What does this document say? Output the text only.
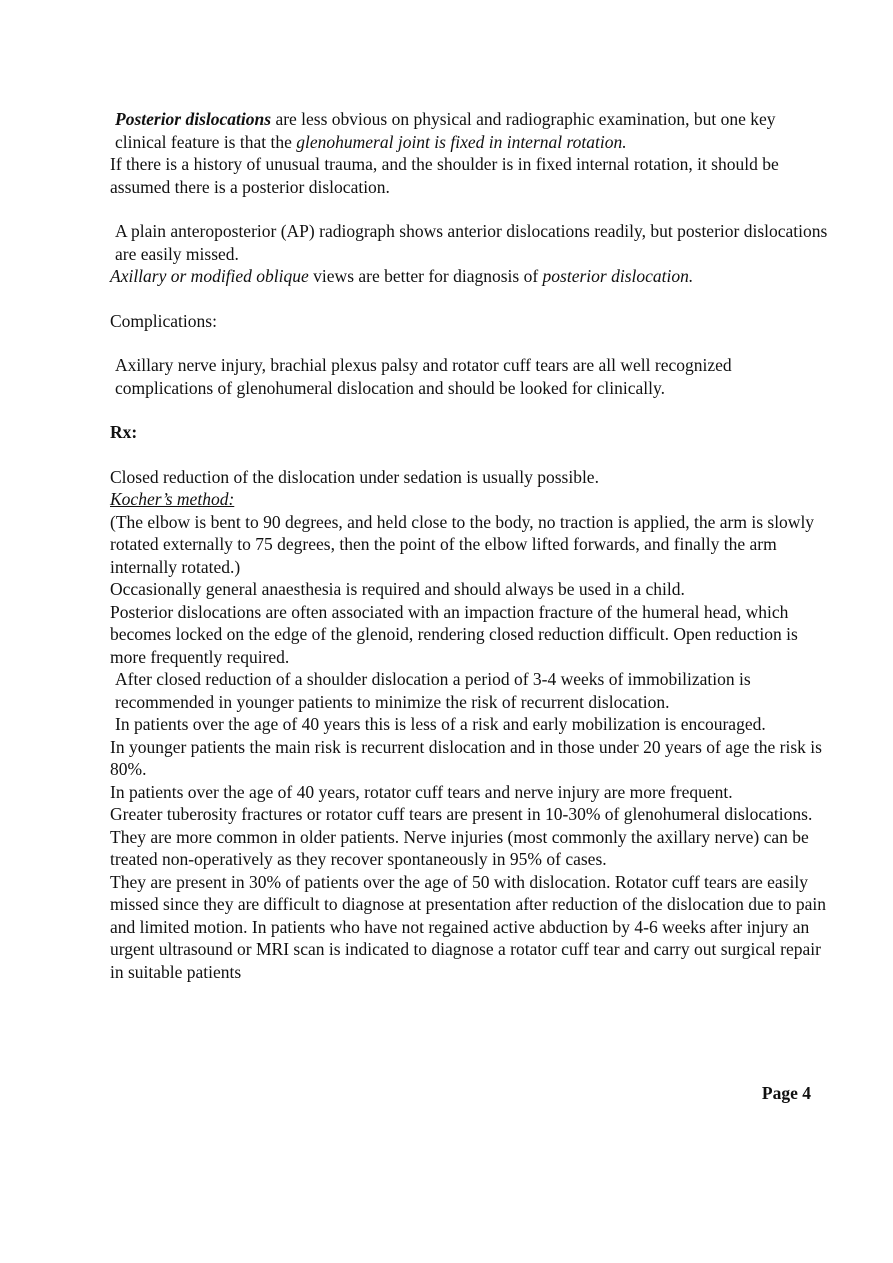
Posterior dislocations are less obvious on physical and radiographic examination, but one key clinical feature is that the glenohumeral joint is fixed in internal rotation.

If there is a history of unusual trauma, and the shoulder is in fixed internal rotation, it should be assumed there is a posterior dislocation.

A plain anteroposterior (AP) radiograph shows anterior dislocations readily, but posterior dislocations are easily missed.

Axillary or modified oblique views are better for diagnosis of posterior dislocation.

Complications:

Axillary nerve injury, brachial plexus palsy and rotator cuff tears are all well recognized complications of glenohumeral dislocation and should be looked for clinically.

Rx:

Closed reduction of the dislocation under sedation is usually possible.

Kocher’s method:

(The elbow is bent to 90 degrees, and held close to the body, no traction is applied, the arm is slowly rotated externally to 75 degrees, then the point of the elbow lifted forwards, and finally the arm internally rotated.)

Occasionally general anaesthesia is required and should always be used in a child.

Posterior dislocations are often associated with an impaction fracture of the humeral head, which becomes locked on the edge of the glenoid, rendering closed reduction difficult. Open reduction is more frequently required.

After closed reduction of a shoulder dislocation a period of 3-4 weeks of immobilization is recommended in younger patients to minimize the risk of recurrent dislocation.

In patients over the age of 40 years this is less of a risk and early mobilization is encouraged.

In younger patients the main risk is recurrent dislocation and in those under 20 years of age the risk is 80%.

In patients over the age of 40 years, rotator cuff tears and nerve injury are more frequent.

Greater tuberosity fractures or rotator cuff tears are present in 10-30% of glenohumeral dislocations.

They are more common in older patients. Nerve injuries (most commonly the axillary nerve) can be treated non-operatively as they recover spontaneously in 95% of cases.

They are present in 30% of patients over the age of 50 with dislocation. Rotator cuff tears are easily missed since they are difficult to diagnose at presentation after reduction of the dislocation due to pain and limited motion. In patients who have not regained active abduction by 4-6 weeks after injury an urgent ultrasound or MRI scan is indicated to diagnose a rotator cuff tear and carry out surgical repair in suitable patients

Page 4
